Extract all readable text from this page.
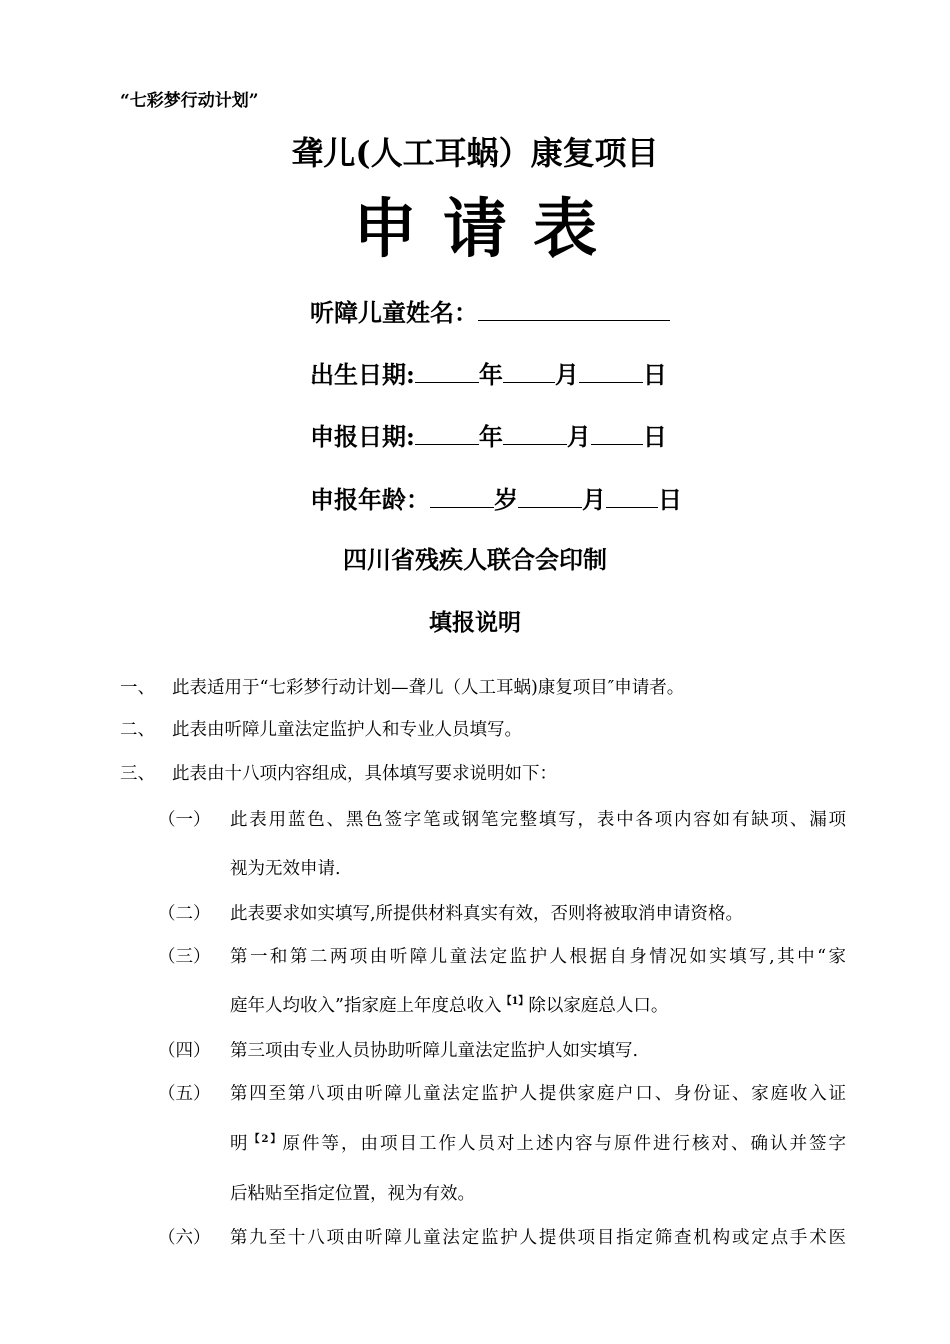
“七彩梦行动计划”
聋儿(人工耳蜗）康复项目
申请表
听障儿童姓名：
出生日期:	年 月	日
申报日期:	年	月 日
申报年龄：	岁	月 日
四川省残疾人联合会印制
填报说明
一、 此表适用于“七彩梦行动计划—聋儿（人工耳蜗)康复项目″申请者。
二、 此表由听障儿童法定监护人和专业人员填写。
三、 此表由十八项内容组成，具体填写要求说明如下：
（一） 此表用蓝色、黑色签字笔或钢笔完整填写，表中各项内容如有缺项、漏项
视为无效申请.
（二） 此表要求如实填写,所提供材料真实有效，否则将被取消申请资格。
（三） 第一和第二两项由听障儿童法定监护人根据自身情况如实填写,其中“家
庭年人均收入”指家庭上年度总收入$^{【1】}$除以家庭总人口。
（四） 第三项由专业人员协助听障儿童法定监护人如实填写.
（五） 第四至第八项由听障儿童法定监护人提供家庭户口、身份证、家庭收入证
明$^{【2】}$原件等，由项目工作人员对上述内容与原件进行核对、确认并签字
后粘贴至指定位置，视为有效。
（六） 第九至十八项由听障儿童法定监护人提供项目指定筛查机构或定点手术医
